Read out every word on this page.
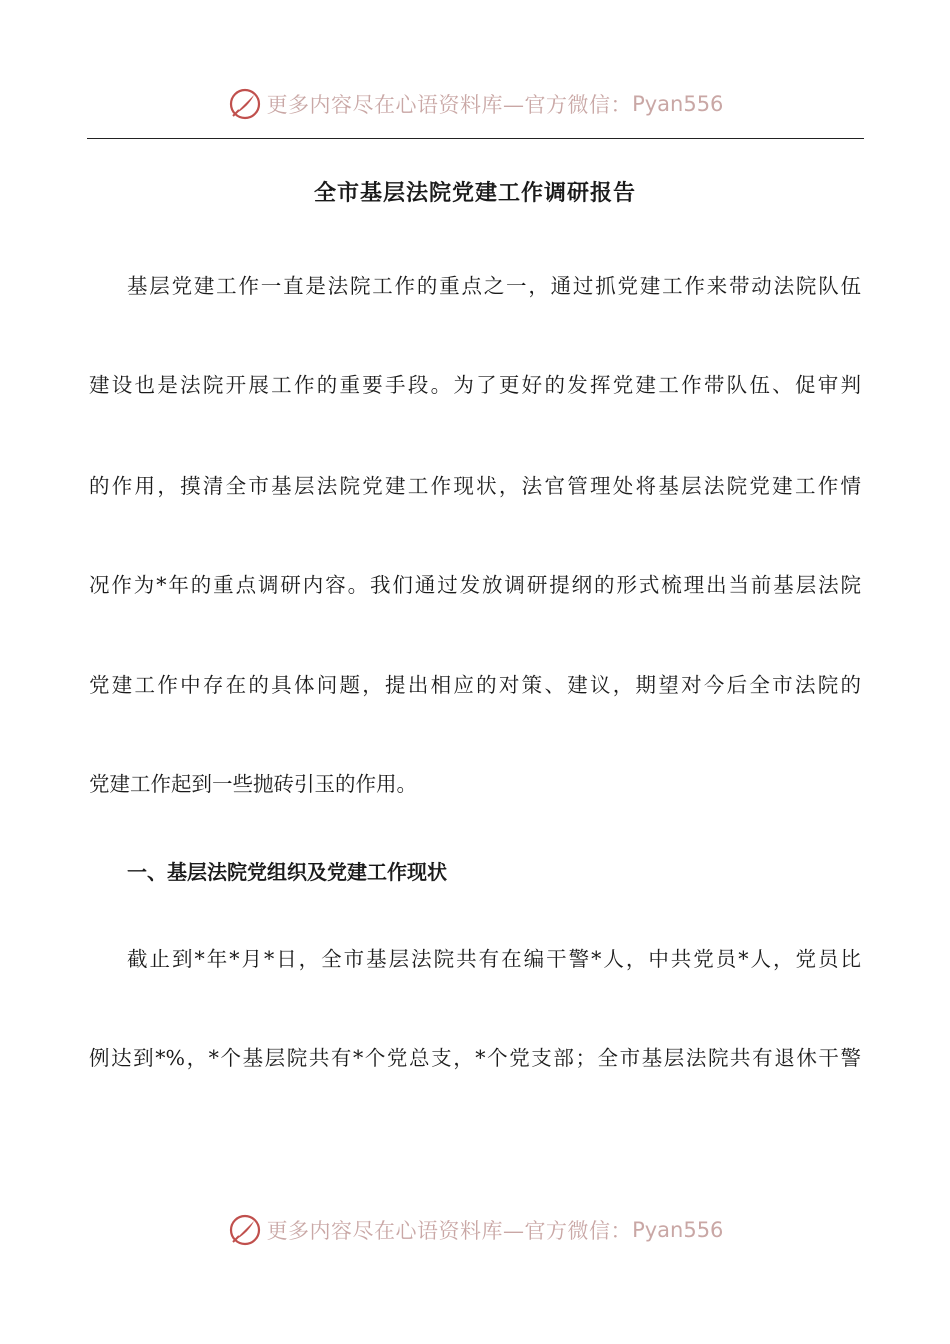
更多内容尽在心语资料库—官方微信： Pyan556
全市基层法院党建工作调研报告
基层党建工作一直是法院工作的重点之一，通过抓党建工作来带动法院队伍
建设也是法院开展工作的重要手段。为了更好的发挥党建工作带队伍、促审判
的作用，摸清全市基层法院党建工作现状，法官管理处将基层法院党建工作情
况作为*年的重点调研内容。我们通过发放调研提纲的形式梳理出当前基层法院
党建工作中存在的具体问题，提出相应的对策、建议，期望对今后全市法院的
党建工作起到一些抛砖引玉的作用。
一、基层法院党组织及党建工作现状
截止到*年*月*日，全市基层法院共有在编干警*人，中共党员*人，党员比
例达到*%，*个基层院共有*个党总支，*个党支部；全市基层法院共有退休干警
更多内容尽在心语资料库—官方微信： Pyan556
